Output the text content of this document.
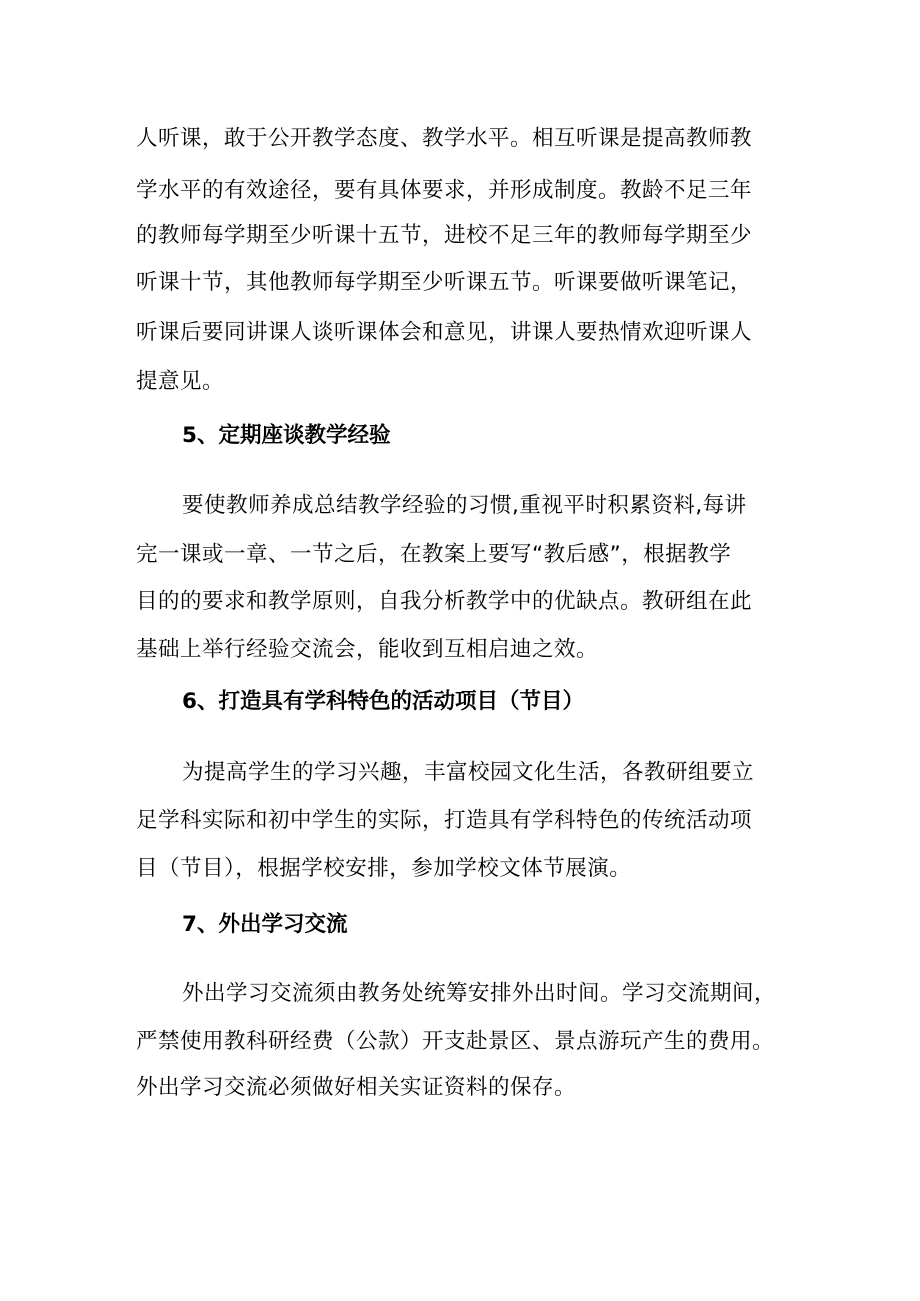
人听课，敢于公开教学态度、教学水平。相互听课是提高教师教
学水平的有效途径，要有具体要求，并形成制度。教龄不足三年
的教师每学期至少听课十五节，进校不足三年的教师每学期至少
听课十节，其他教师每学期至少听课五节。听课要做听课笔记，
听课后要同讲课人谈听课体会和意见，讲课人要热情欢迎听课人
提意见。
5、定期座谈教学经验
要使教师养成总结教学经验的习惯,重视平时积累资料,每讲
完一课或一章、一节之后，在教案上要写“教后感”，根据教学
目的的要求和教学原则，自我分析教学中的优缺点。教研组在此
基础上举行经验交流会，能收到互相启迪之效。
6、打造具有学科特色的活动项目（节目）
为提高学生的学习兴趣，丰富校园文化生活，各教研组要立
足学科实际和初中学生的实际，打造具有学科特色的传统活动项
目（节目），根据学校安排，参加学校文体节展演。
7、外出学习交流
外出学习交流须由教务处统筹安排外出时间。学习交流期间，
严禁使用教科研经费（公款）开支赴景区、景点游玩产生的费用。
外出学习交流必须做好相关实证资料的保存。
